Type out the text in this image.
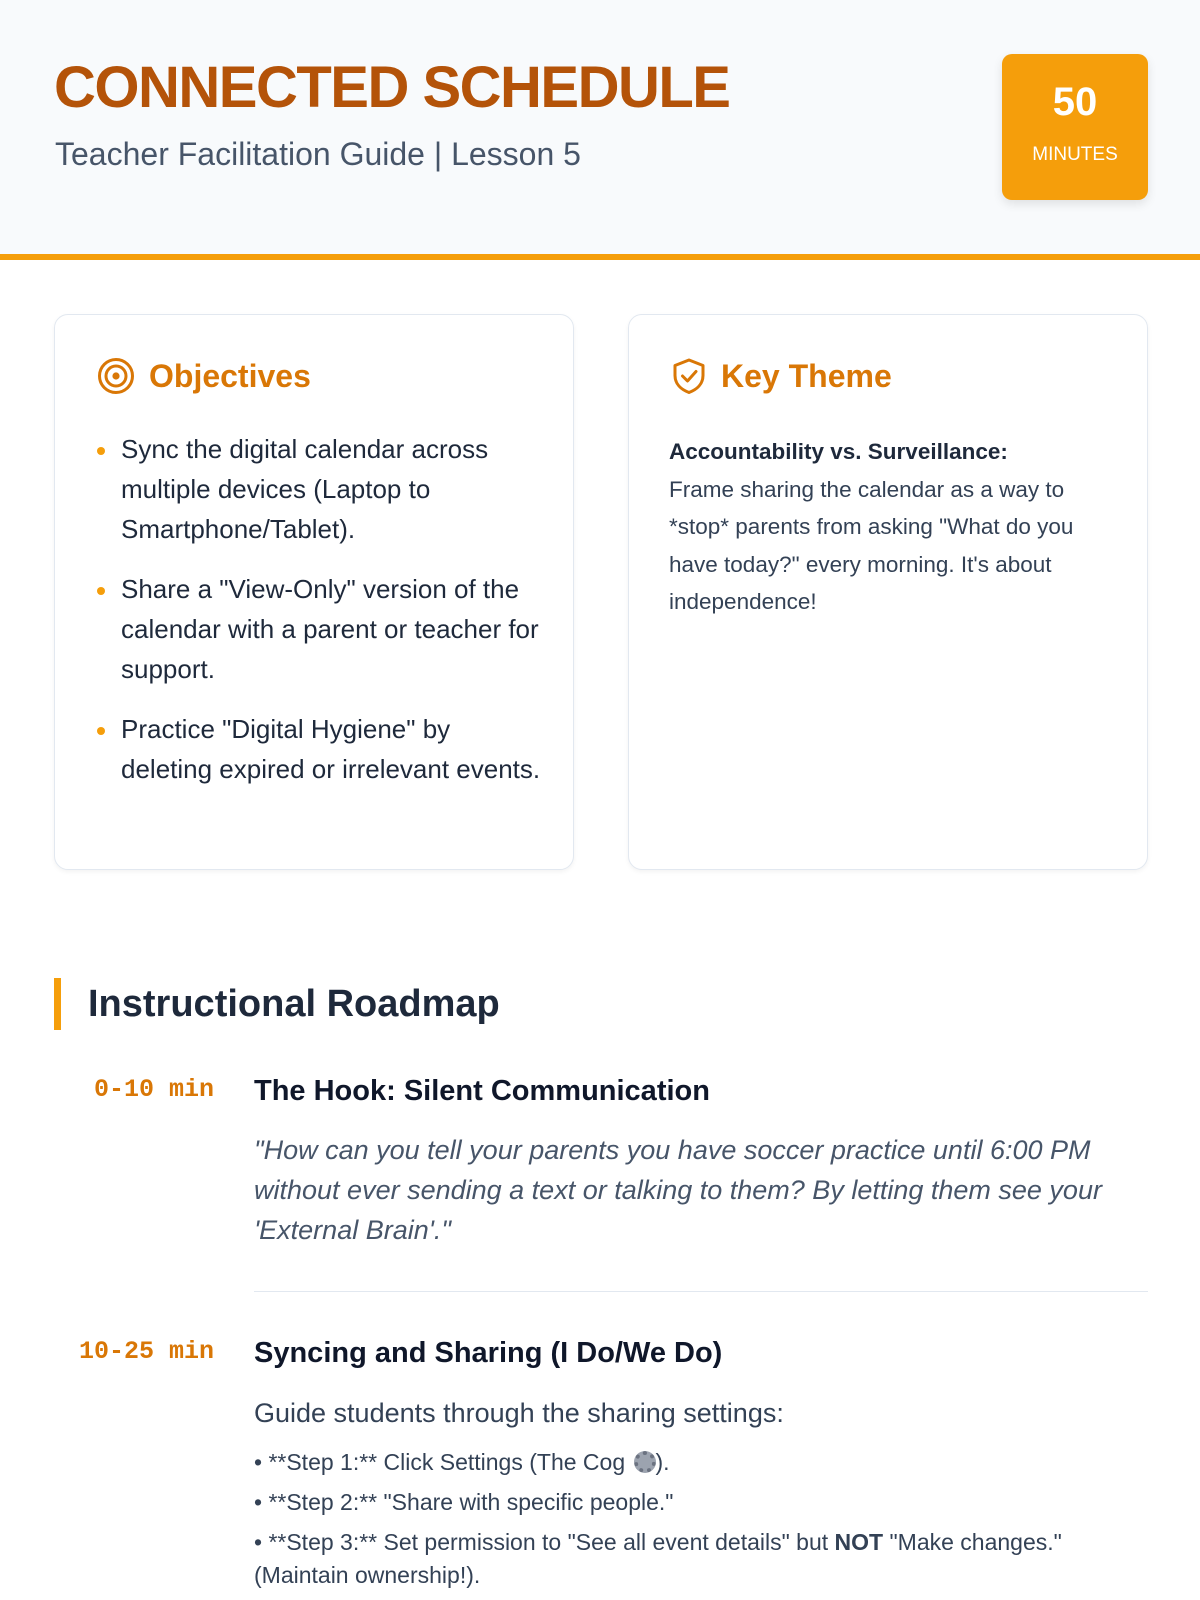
CONNECTED SCHEDULE
Teacher Facilitation Guide | Lesson 5
50
MINUTES
Objectives
Sync the digital calendar across multiple devices (Laptop to Smartphone/Tablet).
Share a "View-Only" version of the calendar with a parent or teacher for support.
Practice "Digital Hygiene" by deleting expired or irrelevant events.
Key Theme
Accountability vs. Surveillance:
Frame sharing the calendar as a way to *stop* parents from asking "What do you have today?" every morning. It's about independence!
Instructional Roadmap
0-10 min The Hook: Silent Communication
"How can you tell your parents you have soccer practice until 6:00 PM without ever sending a text or talking to them? By letting them see your 'External Brain'."
10-25 min Syncing and Sharing (I Do/We Do)
Guide students through the sharing settings:
• **Step 1:** Click Settings (The Cog ).
• **Step 2:** "Share with specific people."
• **Step 3:** Set permission to "See all event details" but NOT "Make changes." (Maintain ownership!).
